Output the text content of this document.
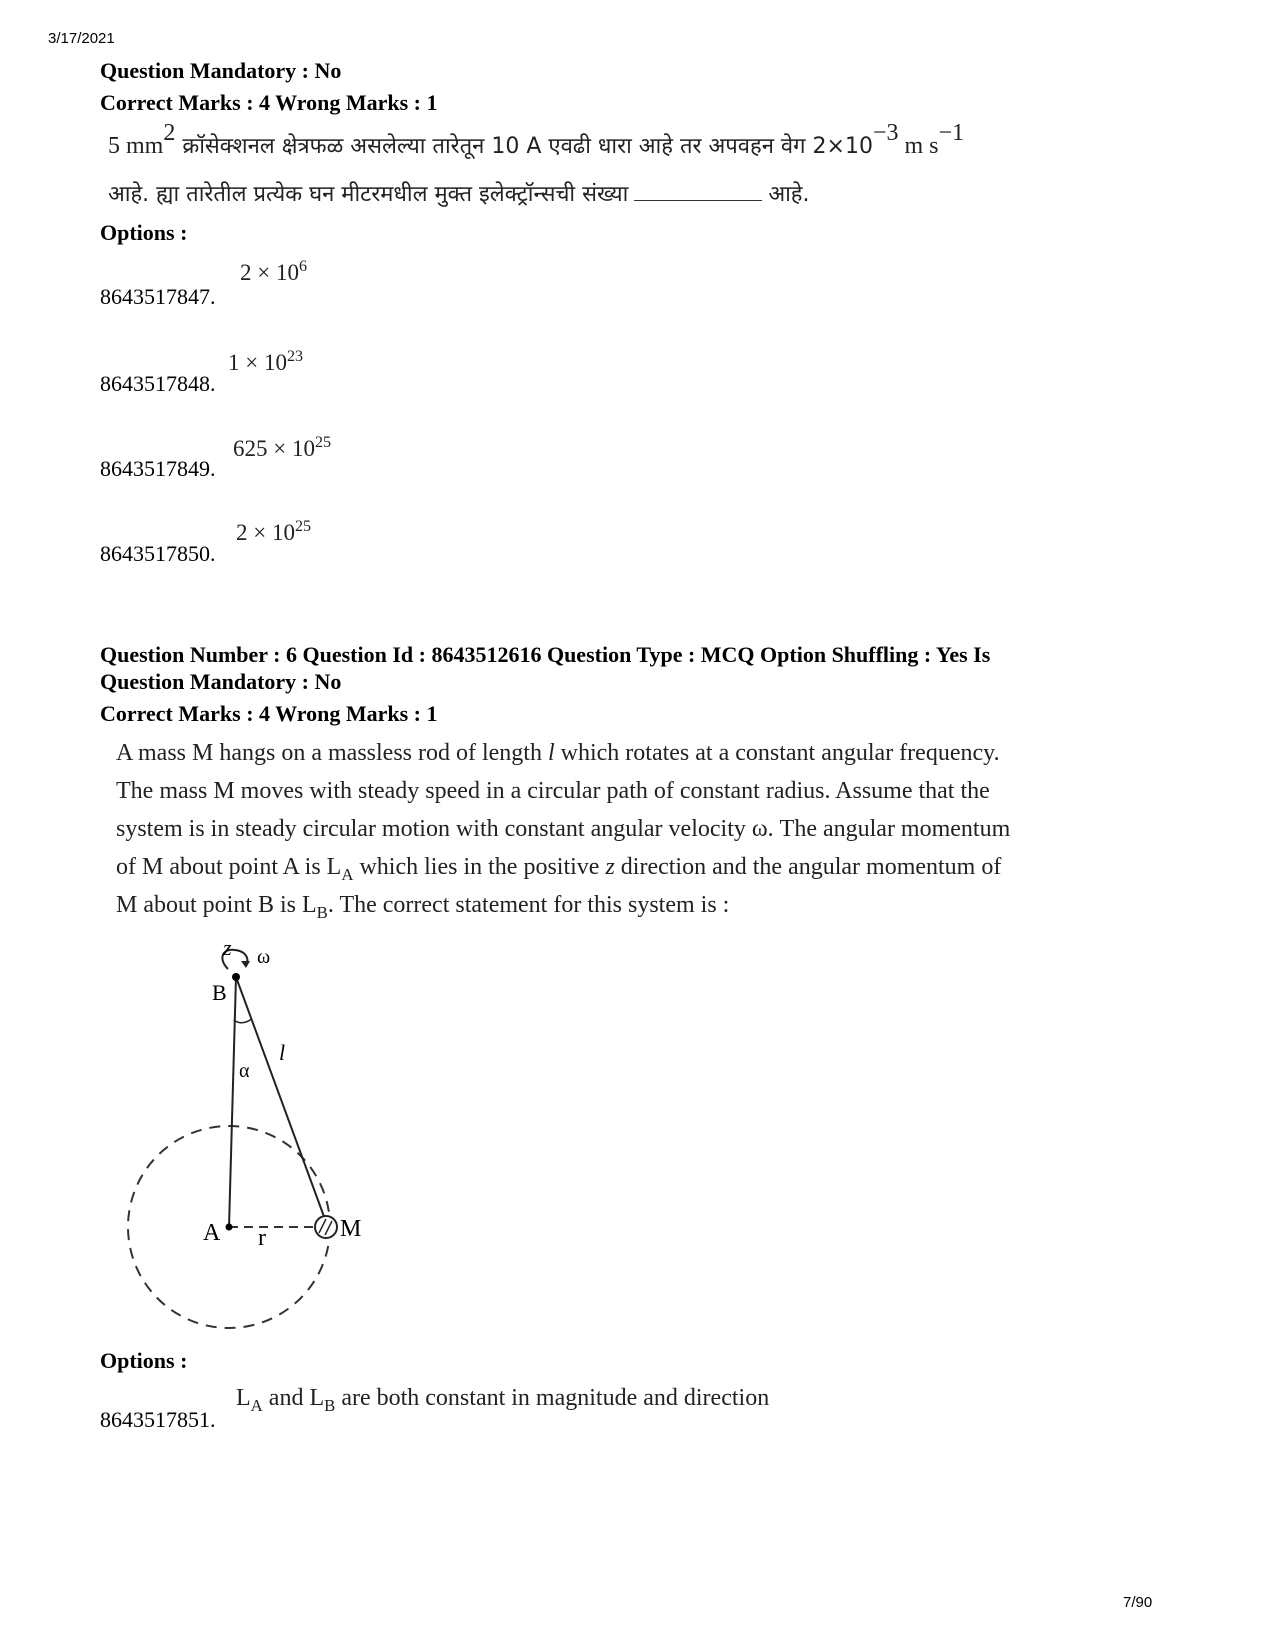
3/17/2021
7/90
Question Mandatory : No
Correct Marks : 4 Wrong Marks : 1
5 $mm^2$ क्रॉसेक्शनल क्षेत्रफळ असलेल्या तारेतून 10 A एवढी धारा आहे तर अपवहन वेग $2\times 10^{-3}$ m $s^{-1}$
आहे. ह्या तारेतील प्रत्येक घन मीटरमधील मुक्त इलेक्ट्रॉन्सची संख्या	आहे.
Options :
8643517847.
$2 \times 10^6$
8643517848.
$1 \times 10^{23}$
8643517849.
$625 \times 10^{25}$
8643517850.
$2 \times 10^{25}$
Question Number : 6 Question Id : 8643512616 Question Type : MCQ Option Shuffling : Yes Is
Question Mandatory : No
Correct Marks : 4 Wrong Marks : 1
A mass M hangs on a massless rod of length l which rotates at a constant angular frequency.
The mass M moves with steady speed in a circular path of constant radius. Assume that the
system is in steady circular motion with constant angular velocity ω. The angular momentum
of M about point A is $L_A$ which lies in the positive z direction and the angular momentum of
M about point B is $L_B$. The correct statement for this system is :
z ω
B
l
α
A r	M
Options :
8643517851.
$L_A$ and $L_B$ are both constant in magnitude and direction
